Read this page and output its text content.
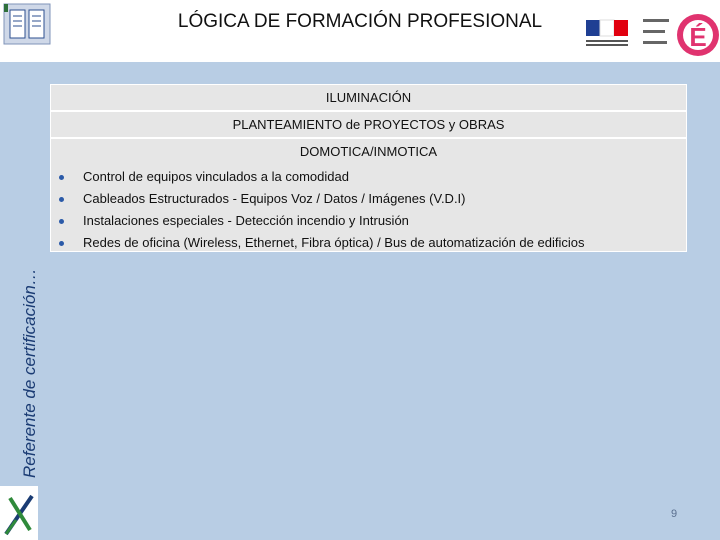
LÓGICA DE FORMACIÓN PROFESIONAL
É
Referente de certificación…
ILUMINACIÓN
PLANTEAMIENTO de PROYECTOS y OBRAS
DOMOTICA/INMOTICA
Control de equipos vinculados a la comodidad
Cableados Estructurados - Equipos Voz / Datos / Imágenes (V.D.I)
Instalaciones especiales - Detección incendio y Intrusión
Redes de oficina (Wireless, Ethernet, Fibra óptica) / Bus de automatización de edificios
9
